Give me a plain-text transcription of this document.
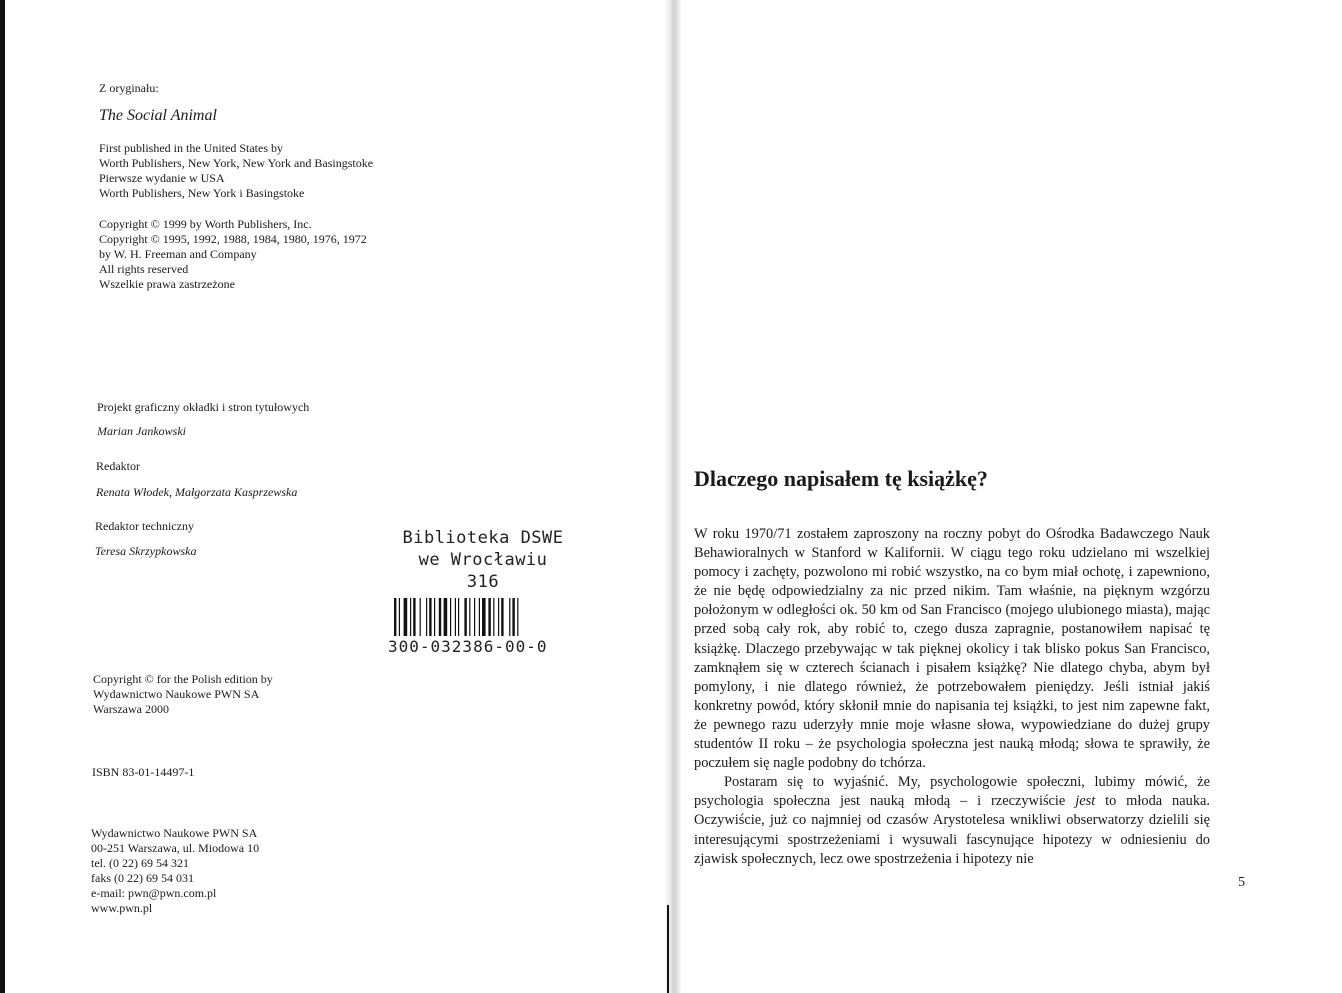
Z oryginału:
The Social Animal
First published in the United States by
Worth Publishers, New York, New York and Basingstoke
Pierwsze wydanie w USA
Worth Publishers, New York i Basingstoke
Copyright © 1999 by Worth Publishers, Inc.
Copyright © 1995, 1992, 1988, 1984, 1980, 1976, 1972
by W. H. Freeman and Company
All rights reserved
Wszelkie prawa zastrzeżone
Projekt graficzny okładki i stron tytułowych
Marian Jankowski
Redaktor
Renata Włodek, Małgorzata Kasprzewska
Redaktor techniczny
Teresa Skrzypkowska
Biblioteka DSWE
we Wrocławiu
316
300-032386-00-0
Copyright © for the Polish edition by
Wydawnictwo Naukowe PWN SA
Warszawa 2000
ISBN 83-01-14497-1
Wydawnictwo Naukowe PWN SA
00-251 Warszawa, ul. Miodowa 10
tel. (0 22) 69 54 321
faks (0 22) 69 54 031
e-mail: pwn@pwn.com.pl
www.pwn.pl
Dlaczego napisałem tę książkę?

W roku 1970/71 zostałem zaproszony na roczny pobyt do Ośrodka Badawczego Nauk Behawioralnych w Stanford w Kalifornii. W ciągu tego roku udzielano mi wszelkiej pomocy i zachęty, pozwolono mi robić wszystko, na co bym miał ochotę, i zapewniono, że nie będę odpowiedzialny za nic przed nikim. Tam właśnie, na pięknym wzgórzu położonym w odległości ok. 50 km od San Francisco (mojego ulubionego miasta), mając przed sobą cały rok, aby robić to, czego dusza zapragnie, postanowiłem napisać tę książkę. Dlaczego przebywając w tak pięknej okolicy i tak blisko pokus San Francisco, zamknąłem się w czterech ścianach i pisałem książkę? Nie dlatego chyba, abym był pomylony, i nie dlatego również, że potrzebowałem pieniędzy. Jeśli istniał jakiś konkretny powód, który skłonił mnie do napisania tej książki, to jest nim zapewne fakt, że pewnego razu uderzyły mnie moje własne słowa, wypowiedziane do dużej grupy studentów II roku – że psychologia społeczna jest nauką młodą; słowa te sprawiły, że poczułem się nagle podobny do tchórza.

Postaram się to wyjaśnić. My, psychologowie społeczni, lubimy mówić, że psychologia społeczna jest nauką młodą – i rzeczywiście jest to młoda nauka. Oczywiście, już co najmniej od czasów Arystotelesa wnikliwi obserwatorzy dzielili się interesującymi spostrzeżeniami i wysuwali fascynujące hipotezy w odniesieniu do zjawisk społecznych, lecz owe spostrzeżenia i hipotezy nie

5
